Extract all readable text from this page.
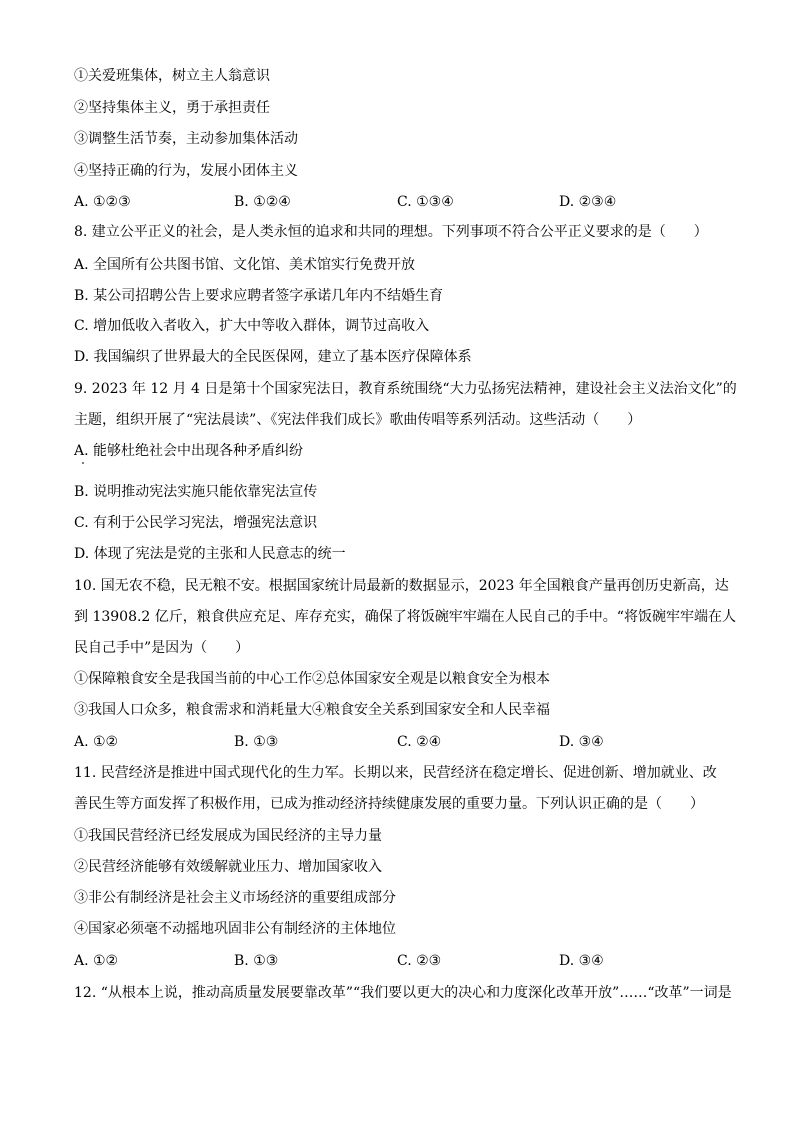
①关爱班集体，树立主人翁意识
②坚持集体主义，勇于承担责任
③调整生活节奏，主动参加集体活动
④坚持正确的行为，发展小团体主义
A. ①②③	B. ①②④	C. ①③④	D. ②③④
8. 建立公平正义的社会，是人类永恒的追求和共同的理想。下列事项不符合公平正义要求的是（　　）
A. 全国所有公共图书馆、文化馆、美术馆实行免费开放
B. 某公司招聘公告上要求应聘者签字承诺几年内不结婚生育
C. 增加低收入者收入，扩大中等收入群体，调节过高收入
D. 我国编织了世界最大的全民医保网，建立了基本医疗保障体系
9. 2023 年 12 月 4 日是第十个国家宪法日，教育系统围绕“大力弘扬宪法精神，建设社会主义法治文化”的
主题，组织开展了“宪法晨读”、《宪法伴我们成长》歌曲传唱等系列活动。这些活动（　　）
A. 能够杜绝社会中出现各种矛盾纠纷
B. 说明推动宪法实施只能依靠宪法宣传
C. 有利于公民学习宪法，增强宪法意识
D. 体现了宪法是党的主张和人民意志的统一
10. 国无农不稳，民无粮不安。根据国家统计局最新的数据显示，2023 年全国粮食产量再创历史新高，达
到 13908.2 亿斤，粮食供应充足、库存充实，确保了将饭碗牢牢端在人民自己的手中。“将饭碗牢牢端在人
民自己手中”是因为（　　）
①保障粮食安全是我国当前的中心工作②总体国家安全观是以粮食安全为根本
③我国人口众多，粮食需求和消耗量大④粮食安全关系到国家安全和人民幸福
A. ①②	B. ①③	C. ②④	D. ③④
11. 民营经济是推进中国式现代化的生力军。长期以来，民营经济在稳定增长、促进创新、增加就业、改
善民生等方面发挥了积极作用，已成为推动经济持续健康发展的重要力量。下列认识正确的是（　　）
①我国民营经济已经发展成为国民经济的主导力量
②民营经济能够有效缓解就业压力、增加国家收入
③非公有制经济是社会主义市场经济的重要组成部分
④国家必须毫不动摇地巩固非公有制经济的主体地位
A. ①②	B. ①③	C. ②③	D. ③④
12. “从根本上说，推动高质量发展要靠改革”“我们要以更大的决心和力度深化改革开放”……“改革”一词是
